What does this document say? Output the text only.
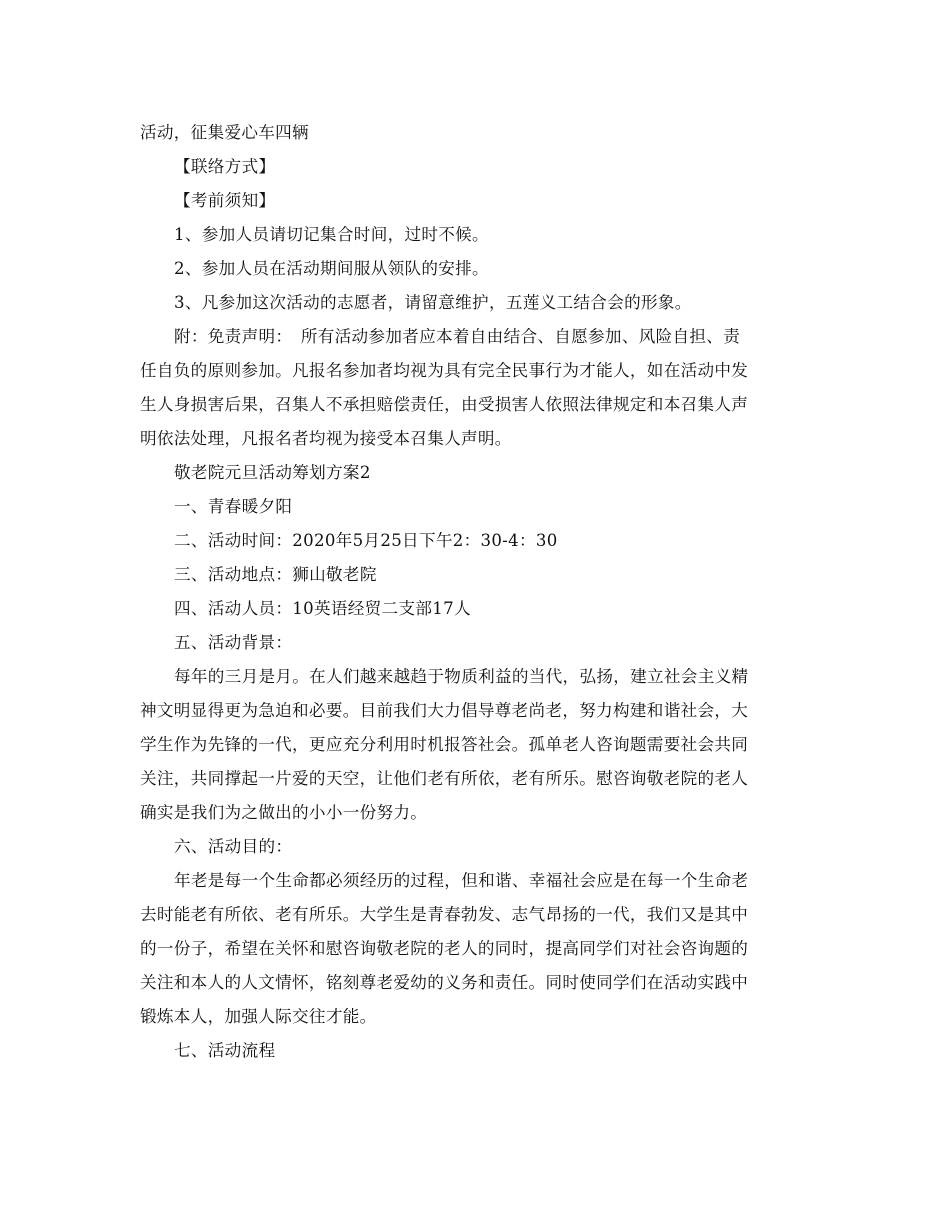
活动，征集爱心车四辆
【联络方式】
【考前须知】
1、参加人员请切记集合时间，过时不候。
2、参加人员在活动期间服从领队的安排。
3、凡参加这次活动的志愿者，请留意维护，五莲义工结合会的形象。
附：免责声明：　所有活动参加者应本着自由结合、自愿参加、风险自担、责
任自负的原则参加。凡报名参加者均视为具有完全民事行为才能人，如在活动中发
生人身损害后果，召集人不承担赔偿责任，由受损害人依照法律规定和本召集人声
明依法处理，凡报名者均视为接受本召集人声明。
敬老院元旦活动筹划方案2
一、青春暖夕阳
二、活动时间：2020年5月25日下午2：30-4：30
三、活动地点：狮山敬老院
四、活动人员：10英语经贸二支部17人
五、活动背景：
每年的三月是月。在人们越来越趋于物质利益的当代，弘扬，建立社会主义精
神文明显得更为急迫和必要。目前我们大力倡导尊老尚老，努力构建和谐社会，大
学生作为先锋的一代，更应充分利用时机报答社会。孤单老人咨询题需要社会共同
关注，共同撑起一片爱的天空，让他们老有所依，老有所乐。慰咨询敬老院的老人
确实是我们为之做出的小小一份努力。
六、活动目的：
年老是每一个生命都必须经历的过程，但和谐、幸福社会应是在每一个生命老
去时能老有所依、老有所乐。大学生是青春勃发、志气昂扬的一代，我们又是其中
的一份子，希望在关怀和慰咨询敬老院的老人的同时，提高同学们对社会咨询题的
关注和本人的人文情怀，铭刻尊老爱幼的义务和责任。同时使同学们在活动实践中
锻炼本人，加强人际交往才能。
七、活动流程
